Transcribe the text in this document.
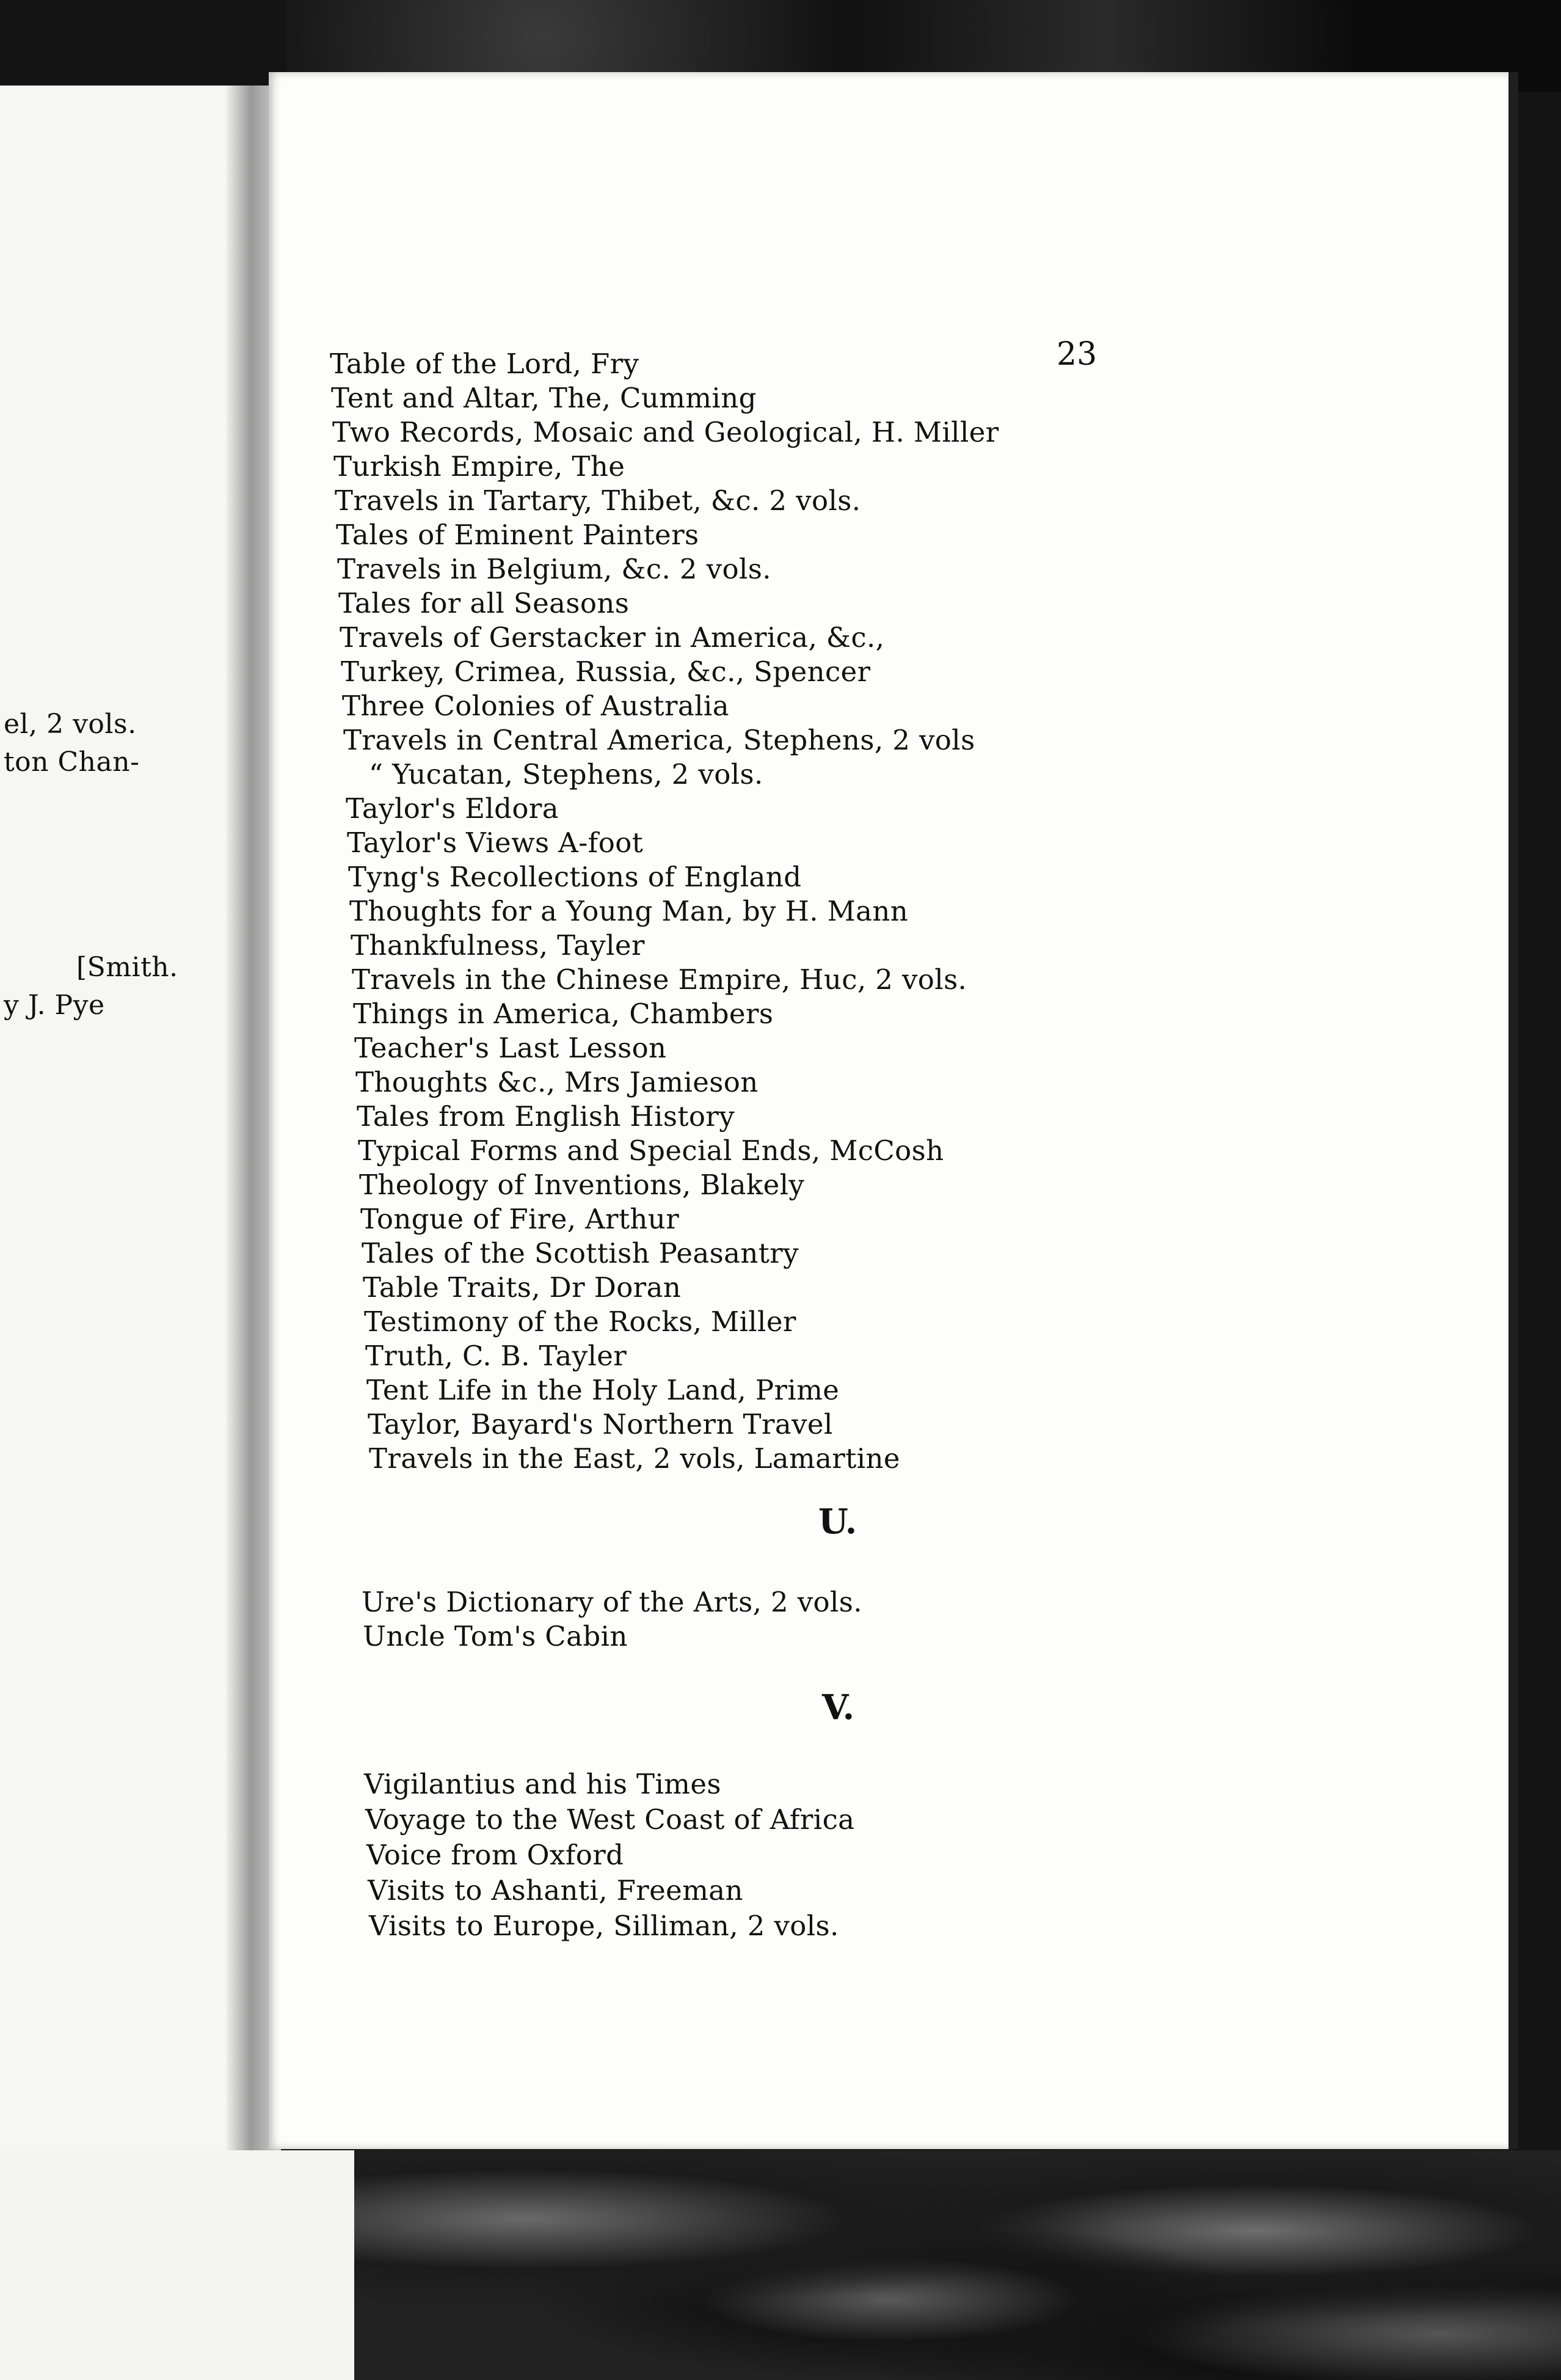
el, 2 vols.
ton Chan-
[Smith.
y J. Pye
23
Table of the Lord, Fry
Tent and Altar, The, Cumming
Two Records, Mosaic and Geological, H. Miller
Turkish Empire, The
Travels in Tartary, Thibet, &c. 2 vols.
Tales of Eminent Painters
Travels in Belgium, &c. 2 vols.
Tales for all Seasons
Travels of Gerstacker in America, &c.,
Turkey, Crimea, Russia, &c., Spencer
Three Colonies of Australia
Travels in Central America, Stephens, 2 vols
“ Yucatan, Stephens, 2 vols.
Taylor's Eldora
Taylor's Views A-foot
Tyng's Recollections of England
Thoughts for a Young Man, by H. Mann
Thankfulness, Tayler
Travels in the Chinese Empire, Huc, 2 vols.
Things in America, Chambers
Teacher's Last Lesson
Thoughts &c., Mrs Jamieson
Tales from English History
Typical Forms and Special Ends, McCosh
Theology of Inventions, Blakely
Tongue of Fire, Arthur
Tales of the Scottish Peasantry
Table Traits, Dr Doran
Testimony of the Rocks, Miller
Truth, C. B. Tayler
Tent Life in the Holy Land, Prime
Taylor, Bayard's Northern Travel
Travels in the East, 2 vols, Lamartine
U.
Ure's Dictionary of the Arts, 2 vols.
Uncle Tom's Cabin
V.
Vigilantius and his Times
Voyage to the West Coast of Africa
Voice from Oxford
Visits to Ashanti, Freeman
Visits to Europe, Silliman, 2 vols.
